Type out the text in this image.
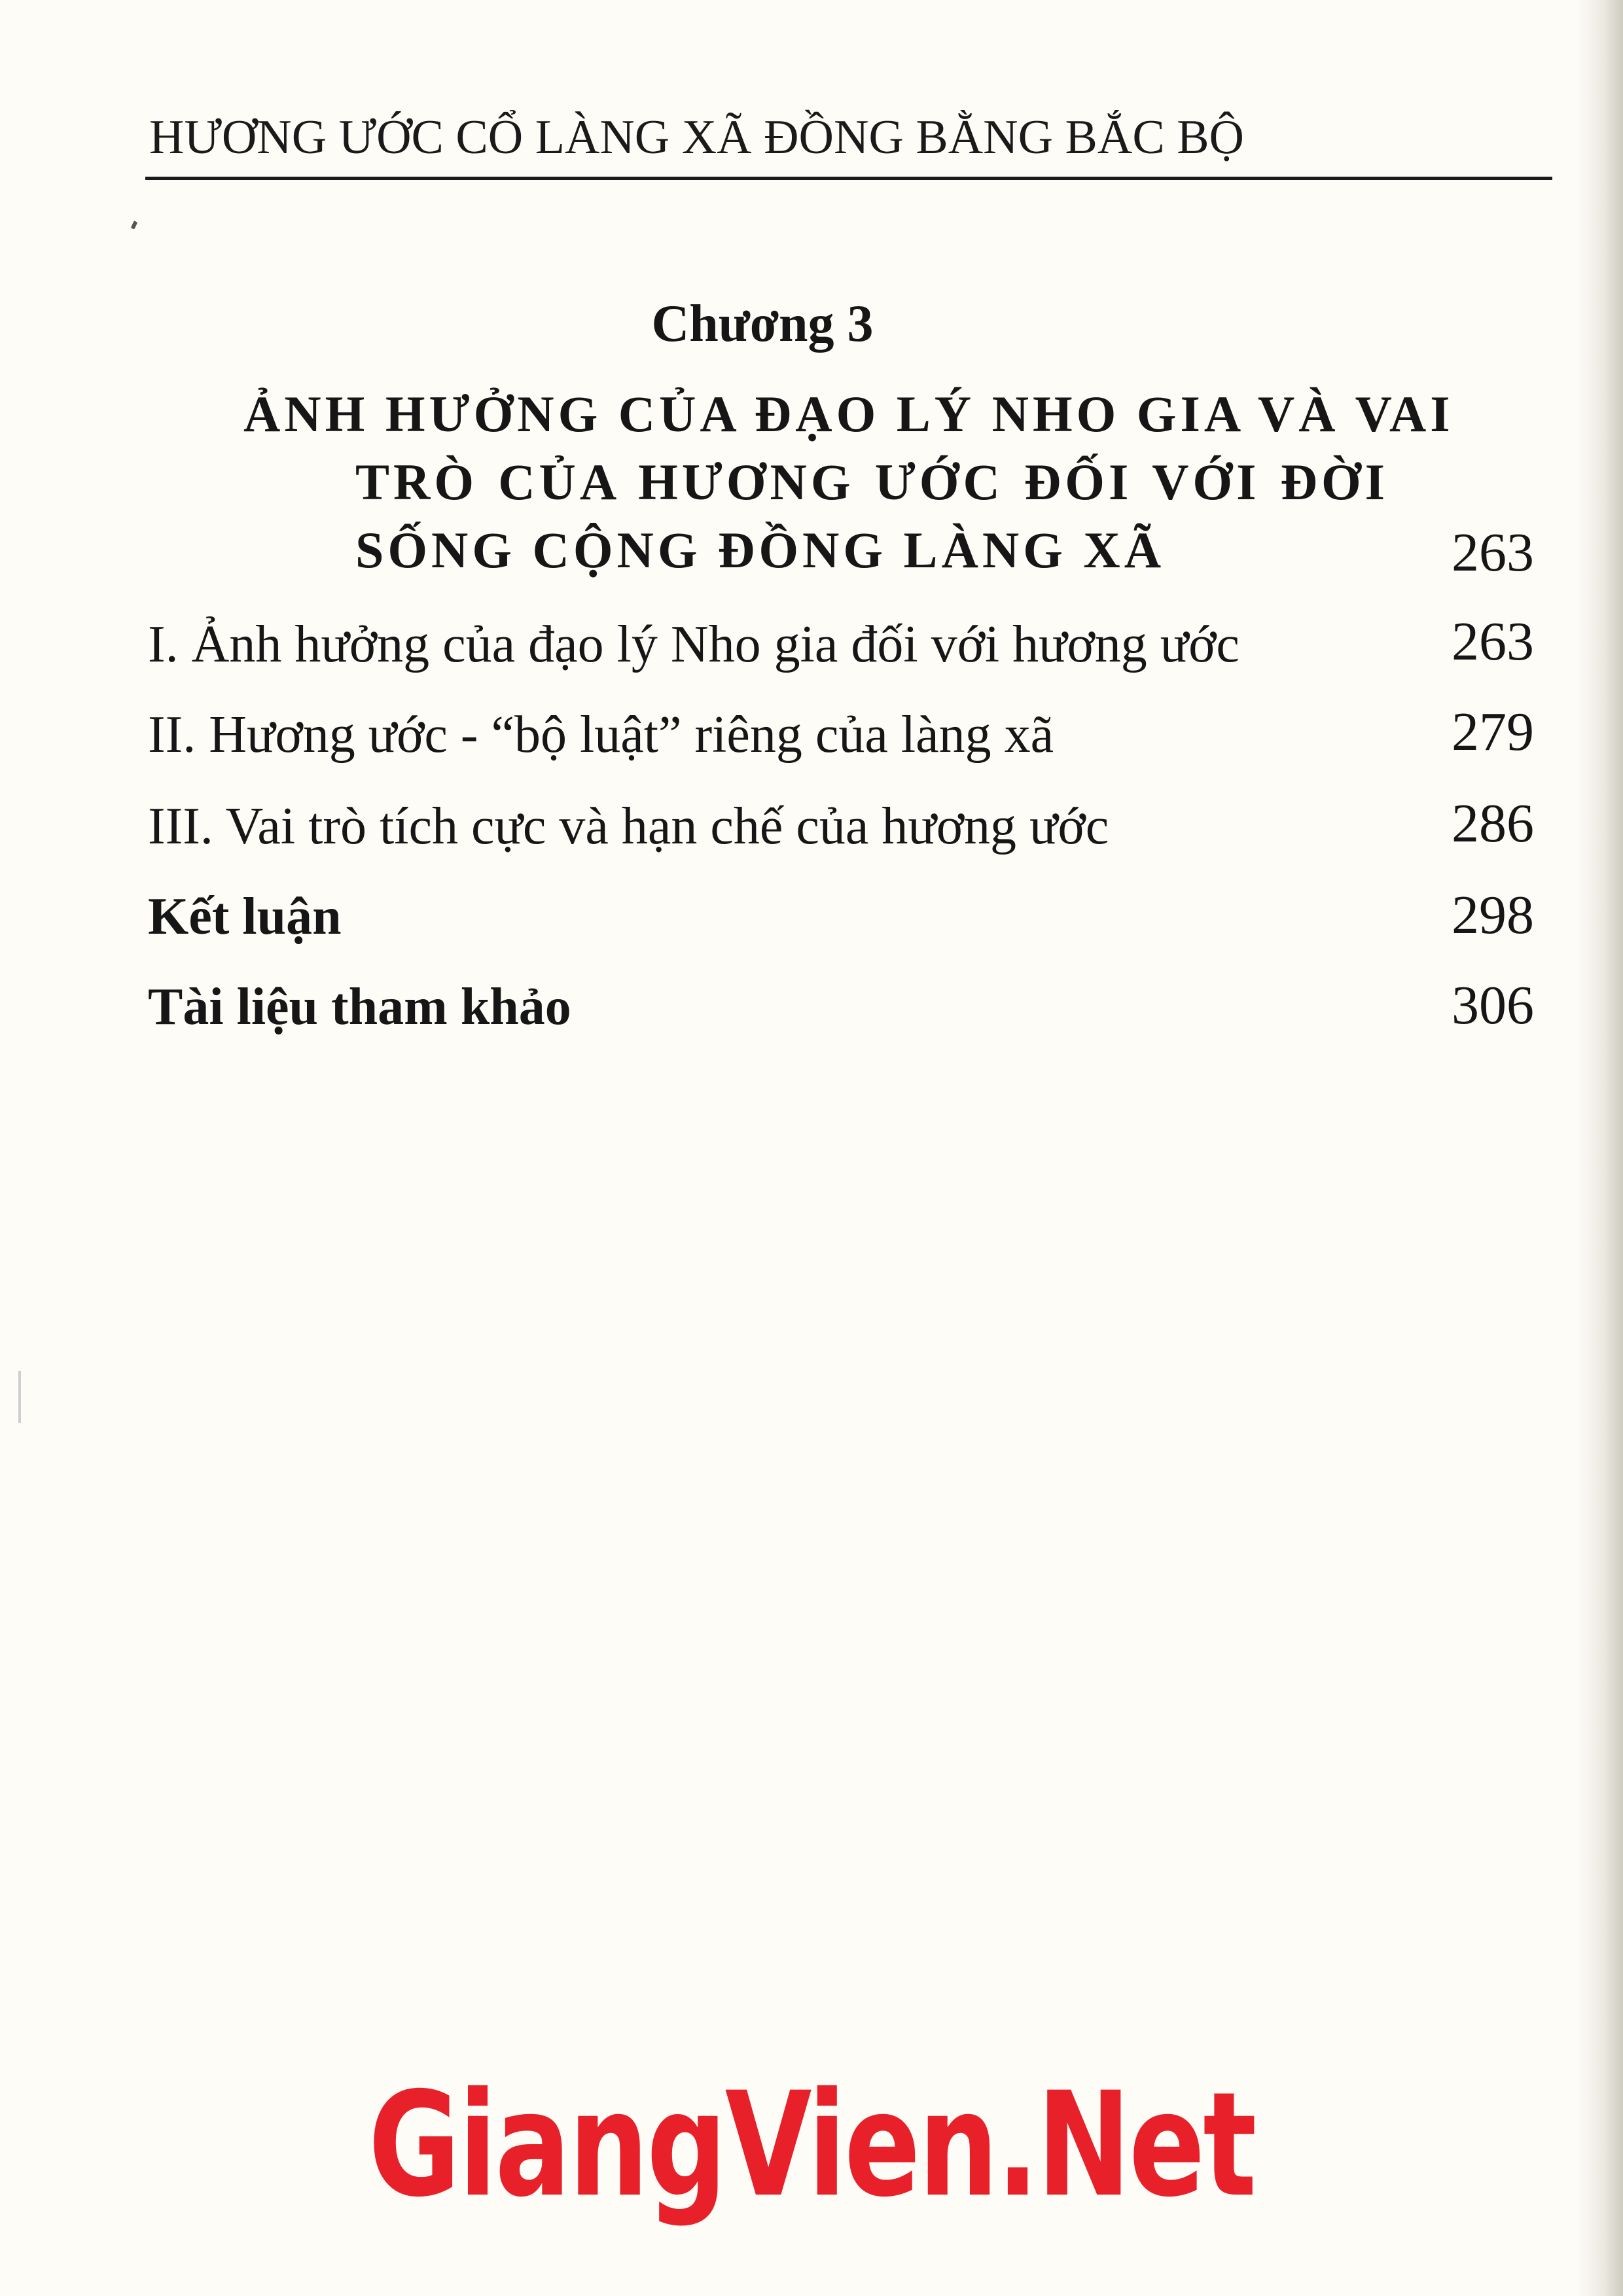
HƯƠNG ƯỚC CỔ LÀNG XÃ ĐỒNG BẰNG BẮC BỘ
Chương 3
ẢNH HƯỞNG CỦA ĐẠO LÝ NHO GIA VÀ VAI
TRÒ CỦA HƯƠNG ƯỚC ĐỐI VỚI ĐỜI
SỐNG CỘNG ĐỒNG LÀNG XÃ	263
I. Ảnh hưởng của đạo lý Nho gia đối với hương ước	263
II. Hương ước - “bộ luật” riêng của làng xã	279
III. Vai trò tích cực và hạn chế của hương ước	286
Kết luận	298
Tài liệu tham khảo	306
GiangVien.Net
